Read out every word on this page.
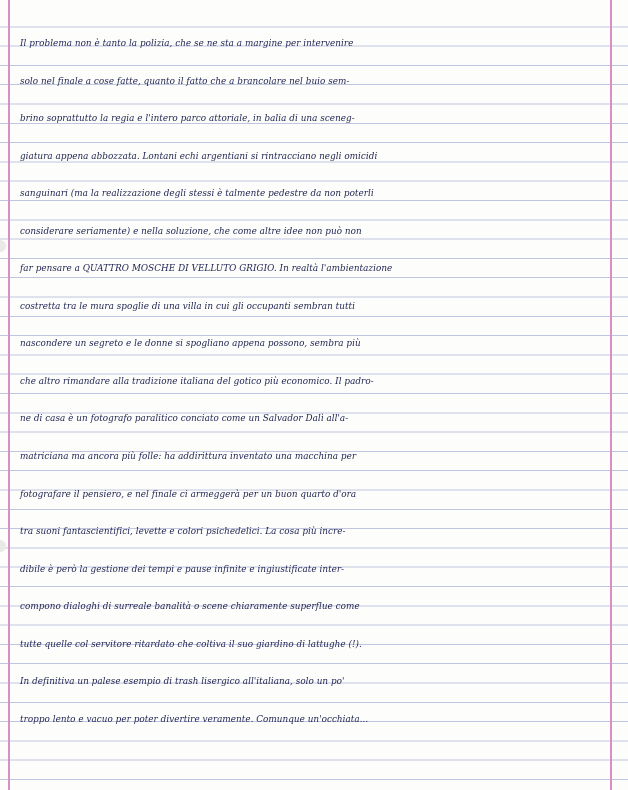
Il problema non è tanto la polizia, che se ne sta a margine per intervenire
solo nel finale a cose fatte, quanto il fatto che a brancolare nel buio sem-
brino soprattutto la regia e l'intero parco attoriale, in balia di una sceneg-
giatura appena abbozzata. Lontani echi argentiani si rintracciano negli omicidi
sanguinari (ma la realizzazione degli stessi è talmente pedestre da non poterli
considerare seriamente) e nella soluzione, che come altre idee non può non
far pensare a QUATTRO MOSCHE DI VELLUTO GRIGIO. In realtà l'ambientazione
costretta tra le mura spoglie di una villa in cui gli occupanti sembran tutti
nascondere un segreto e le donne si spogliano appena possono, sembra più
che altro rimandare alla tradizione italiana del gotico più economico. Il padro-
ne di casa è un fotografo paralitico conciato come un Salvador Dalì all'a-
matriciana ma ancora più folle: ha addirittura inventato una macchina per
fotografare il pensiero, e nel finale ci armeggerà per un buon quarto d'ora
tra suoni fantascientifici, levette e colori psichedelici. La cosa più incre-
dibile è però la gestione dei tempi e pause infinite e ingiustificate inter-
compono dialoghi di surreale banalità o scene chiaramente superflue come
tutte quelle col servitore ritardato che coltiva il suo giardino di lattughe (!).
In definitiva un palese esempio di trash lisergico all'italiana, solo un po'
troppo lento e vacuo per poter divertire veramente. Comunque un'occhiata...
